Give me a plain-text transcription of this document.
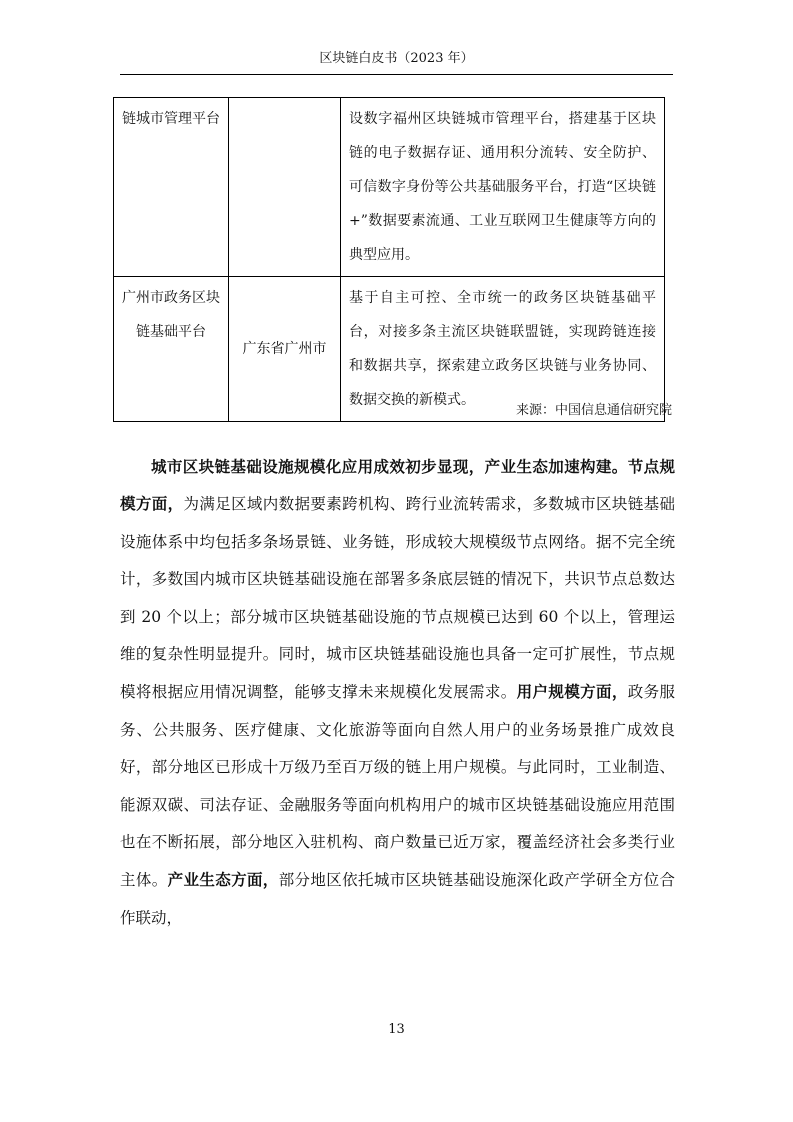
区块链白皮书（2023 年）
链城市管理平台		设数字福州区块链城市管理平台，搭建基于区块链的电子数据存证、通用积分流转、安全防护、可信数字身份等公共基础服务平台，打造“区块链+”数据要素流通、工业互联网卫生健康等方向的典型应用。
广州市政务区块链基础平台	广东省广州市	基于自主可控、全市统一的政务区块链基础平台，对接多条主流区块链联盟链，实现跨链连接和数据共享，探索建立政务区块链与业务协同、数据交换的新模式。
来源：中国信息通信研究院

城市区块链基础设施规模化应用成效初步显现，产业生态加速构建。节点规模方面，为满足区域内数据要素跨机构、跨行业流转需求，多数城市区块链基础设施体系中均包括多条场景链、业务链，形成较大规模级节点网络。据不完全统计，多数国内城市区块链基础设施在部署多条底层链的情况下，共识节点总数达到 20 个以上；部分城市区块链基础设施的节点规模已达到 60 个以上，管理运维的复杂性明显提升。同时，城市区块链基础设施也具备一定可扩展性，节点规模将根据应用情况调整，能够支撑未来规模化发展需求。用户规模方面，政务服务、公共服务、医疗健康、文化旅游等面向自然人用户的业务场景推广成效良好，部分地区已形成十万级乃至百万级的链上用户规模。与此同时，工业制造、能源双碳、司法存证、金融服务等面向机构用户的城市区块链基础设施应用范围也在不断拓展，部分地区入驻机构、商户数量已近万家，覆盖经济社会多类行业主体。产业生态方面，部分地区依托城市区块链基础设施深化政产学研全方位合作联动，

13
